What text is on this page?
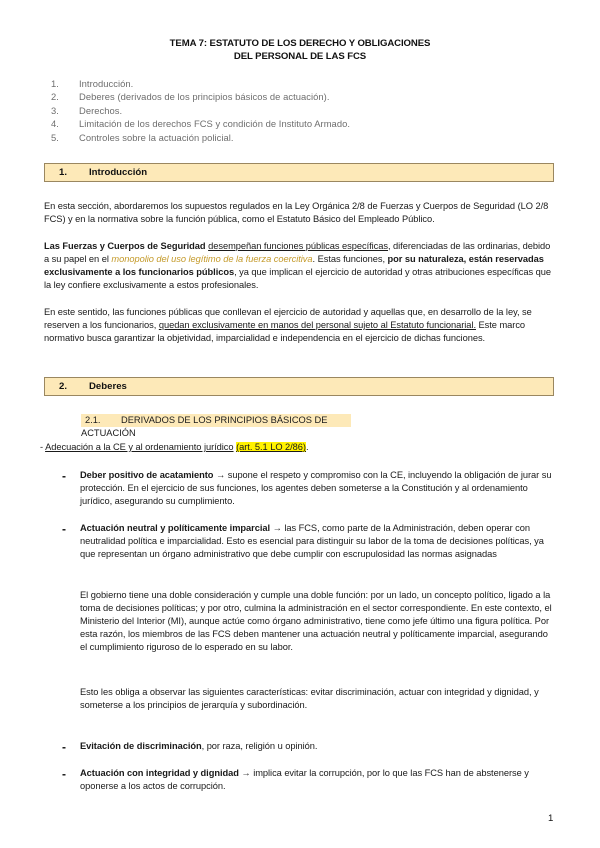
TEMA 7: ESTATUTO DE LOS DERECHO Y OBLIGACIONES
DEL PERSONAL DE LAS FCS
1. Introducción.
2. Deberes (derivados de los principios básicos de actuación).
3. Derechos.
4. Limitación de los derechos FCS y condición de Instituto Armado.
5. Controles sobre la actuación policial.
1. Introducción
En esta sección, abordaremos los supuestos regulados en la Ley Orgánica 2/8 de Fuerzas y Cuerpos de Seguridad (LO 2/8 FCS) y en la normativa sobre la función pública, como el Estatuto Básico del Empleado Público.
Las Fuerzas y Cuerpos de Seguridad desempeñan funciones públicas específicas, diferenciadas de las ordinarias, debido a su papel en el monopolio del uso legítimo de la fuerza coercitiva. Estas funciones, por su naturaleza, están reservadas exclusivamente a los funcionarios públicos, ya que implican el ejercicio de autoridad y otras atribuciones específicas que la ley confiere exclusivamente a estos profesionales.
En este sentido, las funciones públicas que conllevan el ejercicio de autoridad y aquellas que, en desarrollo de la ley, se reserven a los funcionarios, quedan exclusivamente en manos del personal sujeto al Estatuto funcionarial. Este marco normativo busca garantizar la objetividad, imparcialidad e independencia en el ejercicio de dichas funciones.
2. Deberes
2.1. DERIVADOS DE LOS PRINCIPIOS BÁSICOS DE ACTUACIÓN
- Adecuación a la CE y al ordenamiento jurídico (art. 5.1 LO 2/86).
- Deber positivo de acatamiento → supone el respeto y compromiso con la CE, incluyendo la obligación de jurar su protección. En el ejercicio de sus funciones, los agentes deben someterse a la Constitución y al ordenamiento jurídico, asegurando su cumplimiento.
- Actuación neutral y políticamente imparcial → las FCS, como parte de la Administración, deben operar con neutralidad política e imparcialidad. Esto es esencial para distinguir su labor de la toma de decisiones políticas, ya que representan un órgano administrativo que debe cumplir con escrupulosidad las normas asignadas
El gobierno tiene una doble consideración y cumple una doble función: por un lado, un concepto político, ligado a la toma de decisiones políticas; y por otro, culmina la administración en el sector correspondiente. En este contexto, el Ministerio del Interior (MI), aunque actúe como órgano administrativo, tiene como jefe último una figura política. Por esta razón, los miembros de las FCS deben mantener una actuación neutral y políticamente imparcial, asegurando el cumplimiento riguroso de lo esperado en su labor.
Esto les obliga a observar las siguientes características: evitar discriminación, actuar con integridad y dignidad, y someterse a los principios de jerarquía y subordinación.
- Evitación de discriminación, por raza, religión u opinión.
- Actuación con integridad y dignidad → implica evitar la corrupción, por lo que las FCS han de abstenerse y oponerse a los actos de corrupción.
1
